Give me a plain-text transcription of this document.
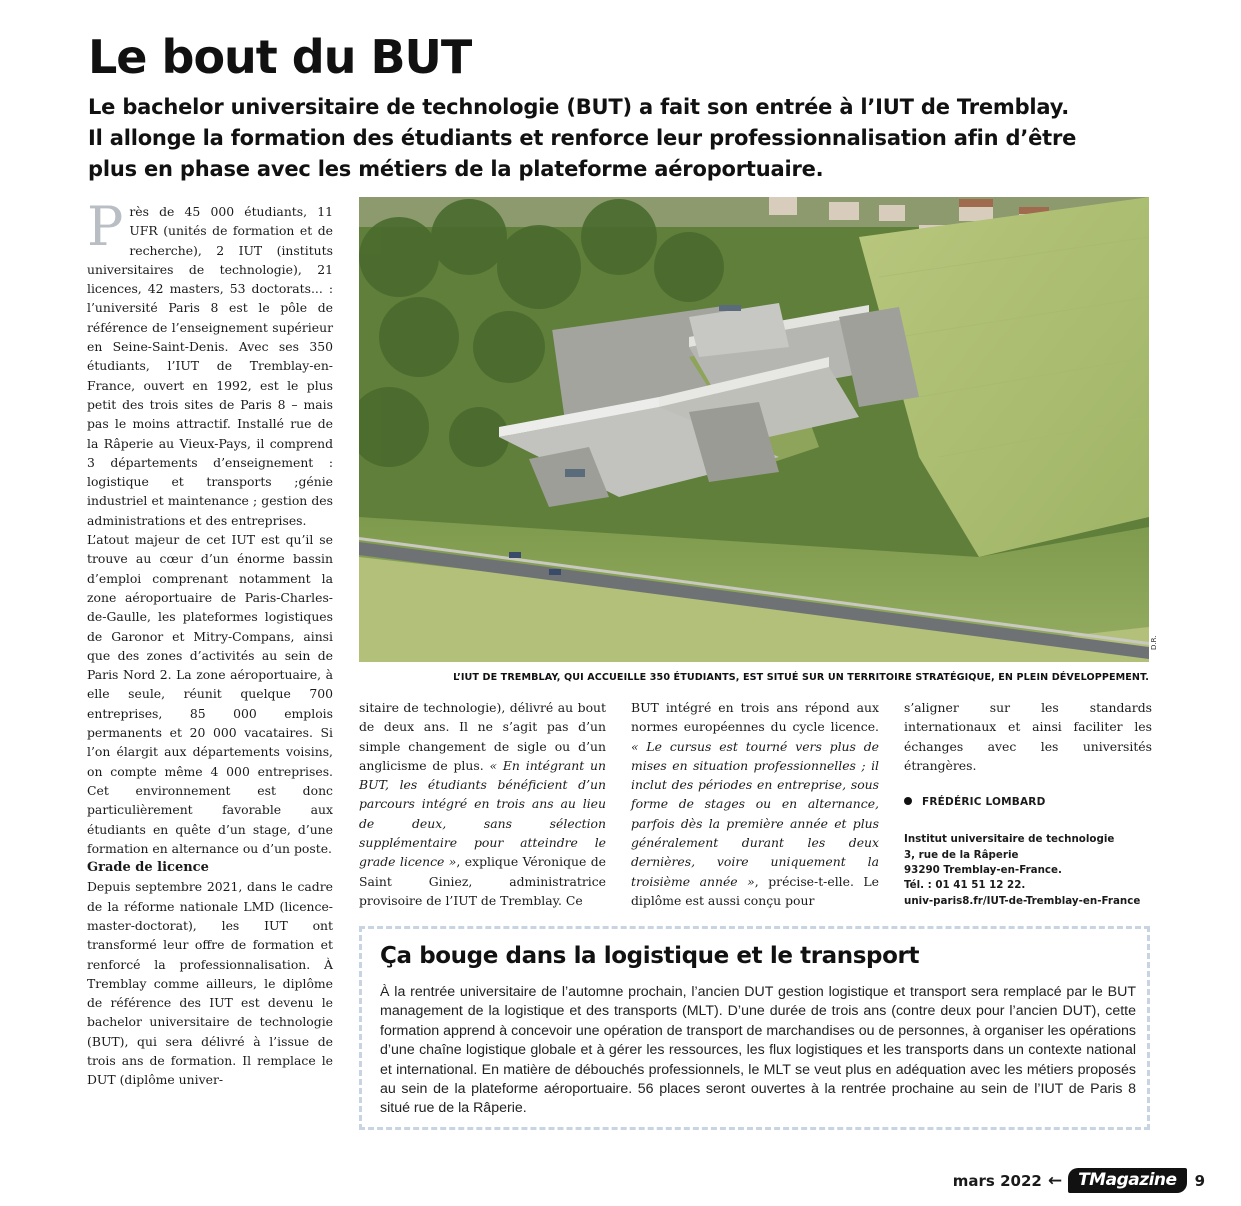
Le bout du BUT
Le bachelor universitaire de technologie (BUT) a fait son entrée à l’IUT de Tremblay.
Il allonge la formation des étudiants et renforce leur professionnalisation afin d’être
plus en phase avec les métiers de la plateforme aéroportuaire.

Près de 45 000 étudiants, 11 UFR (unités de formation et de recherche), 2 IUT (instituts universitaires de technologie), 21 licences, 42 masters, 53 doctorats... : l’université Paris 8 est le pôle de référence de l’enseignement supérieur en Seine-Saint-Denis. Avec ses 350 étudiants, l’IUT de Tremblay-en-France, ouvert en 1992, est le plus petit des trois sites de Paris 8 – mais pas le moins attractif. Installé rue de la Râperie au Vieux-Pays, il comprend 3 départements d’enseignement : logistique et transports ;génie industriel et maintenance ; gestion des administrations et des entreprises.

L’atout majeur de cet IUT est qu’il se trouve au cœur d’un énorme bassin d’emploi comprenant notamment la zone aéroportuaire de Paris-Charles-de-Gaulle, les plateformes logistiques de Garonor et Mitry-Compans, ainsi que des zones d’activités au sein de Paris Nord 2. La zone aéroportuaire, à elle seule, réunit quelque 700 entreprises, 85 000 emplois permanents et 20 000 vacataires. Si l’on élargit aux départements voisins, on compte même 4 000 entreprises. Cet environnement est donc particulièrement favorable aux étudiants en quête d’un stage, d’une formation en alternance ou d’un poste.

Grade de licence

Depuis septembre 2021, dans le cadre de la réforme nationale LMD (licence-master-doctorat), les IUT ont transformé leur offre de formation et renforcé la professionnalisation. À Tremblay comme ailleurs, le diplôme de référence des IUT est devenu le bachelor universitaire de technologie (BUT), qui sera délivré à l’issue de trois ans de formation. Il remplace le DUT (diplôme univer-

D.R.
L’IUT DE TREMBLAY, QUI ACCUEILLE 350 ÉTUDIANTS, EST SITUÉ SUR UN TERRITOIRE STRATÉGIQUE, EN PLEIN DÉVELOPPEMENT.

sitaire de technologie), délivré au bout de deux ans. Il ne s’agit pas d’un simple changement de sigle ou d’un anglicisme de plus. « En intégrant un BUT, les étudiants bénéficient d’un parcours intégré en trois ans au lieu de deux, sans sélection supplémentaire pour atteindre le grade licence », explique Véronique de Saint Giniez, administratrice provisoire de l’IUT de Tremblay. Ce

BUT intégré en trois ans répond aux normes européennes du cycle licence. « Le cursus est tourné vers plus de mises en situation professionnelles ; il inclut des périodes en entreprise, sous forme de stages ou en alternance, parfois dès la première année et plus généralement durant les deux dernières, voire uniquement la troisième année », précise-t-elle. Le diplôme est aussi conçu pour

s’aligner sur les standards internationaux et ainsi faciliter les échanges avec les universités étrangères.

FRÉDÉRIC LOMBARD
Institut universitaire de technologie
3, rue de la Râperie
93290 Tremblay-en-France.
Tél. : 01 41 51 12 22.
univ-paris8.fr/IUT-de-Tremblay-en-France
Ça bouge dans la logistique et le transport
À la rentrée universitaire de l’automne prochain, l’ancien DUT gestion logistique et transport sera remplacé par le BUT management de la logistique et des transports (MLT). D’une durée de trois ans (contre deux pour l’ancien DUT), cette formation apprend à concevoir une opération de transport de marchandises ou de personnes, à organiser les opérations d’une chaîne logistique globale et à gérer les ressources, les flux logistiques et les transports dans un contexte national et international. En matière de débouchés professionnels, le MLT se veut plus en adéquation avec les métiers proposés au sein de la plateforme aéroportuaire. 56 places seront ouvertes à la rentrée prochaine au sein de l’IUT de Paris 8 situé rue de la Râperie.
mars 2022 ← TMagazine	9
